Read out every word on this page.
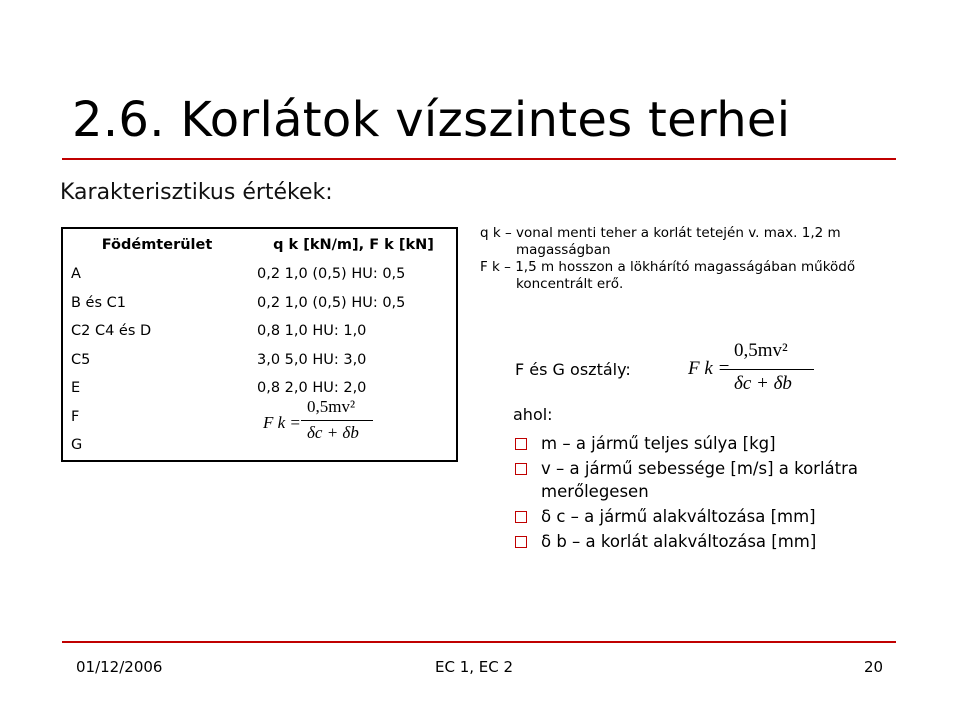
2.6. Korlátok vízszintes terhei
Karakterisztikus értékek:
Födémterület	q k [kN/m], F k [kN]
A	0,2 1,0 (0,5) HU: 0,5
B és C1	0,2 1,0 (0,5) HU: 0,5
C2 C4 és D	0,8 1,0 HU: 1,0
C5	3,0 5,0 HU: 3,0
E	0,8 2,0 HU: 2,0
F	F k =
0,5mv²
δc + δb

G	
q k – vonal menti teher a korlát tetején v. max. 1,2 m
magasságban
F k – 1,5 m hosszon a lökhárító magasságában működő
koncentrált erő.
F és G osztály:	F k =
0,5mv²
δc + δb
ahol:
m – a jármű teljes súlya [kg]
v – a jármű sebessége [m/s] a korlátra merőlegesen
δ c – a jármű alakváltozása [mm]
δ b – a korlát alakváltozása [mm]
01/12/2006	EC 1, EC 2	20
